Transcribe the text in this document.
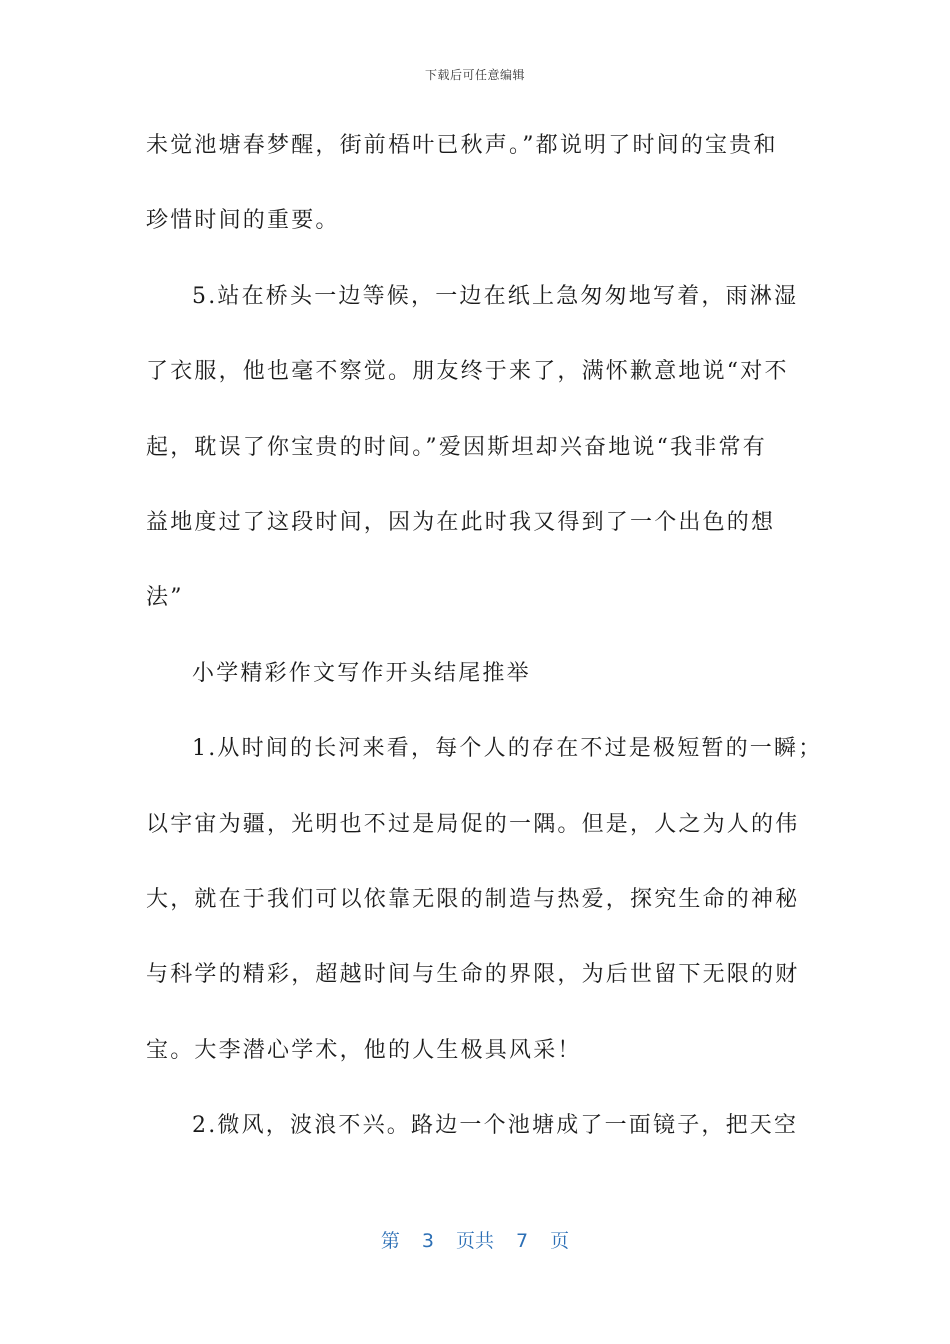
下载后可任意编辑
未觉池塘春梦醒，街前梧叶已秋声。”都说明了时间的宝贵和
珍惜时间的重要。
5.站在桥头一边等候，一边在纸上急匆匆地写着，雨淋湿
了衣服，他也毫不察觉。朋友终于来了，满怀歉意地说“对不
起，耽误了你宝贵的时间。”爱因斯坦却兴奋地说“我非常有
益地度过了这段时间，因为在此时我又得到了一个出色的想
法”
小学精彩作文写作开头结尾推举
1.从时间的长河来看，每个人的存在不过是极短暂的一瞬；
以宇宙为疆，光明也不过是局促的一隅。但是，人之为人的伟
大，就在于我们可以依靠无限的制造与热爱，探究生命的神秘
与科学的精彩，超越时间与生命的界限，为后世留下无限的财
宝。大李潜心学术，他的人生极具风采！
2.微风，波浪不兴。路边一个池塘成了一面镜子，把天空
第 3 页共 7 页
